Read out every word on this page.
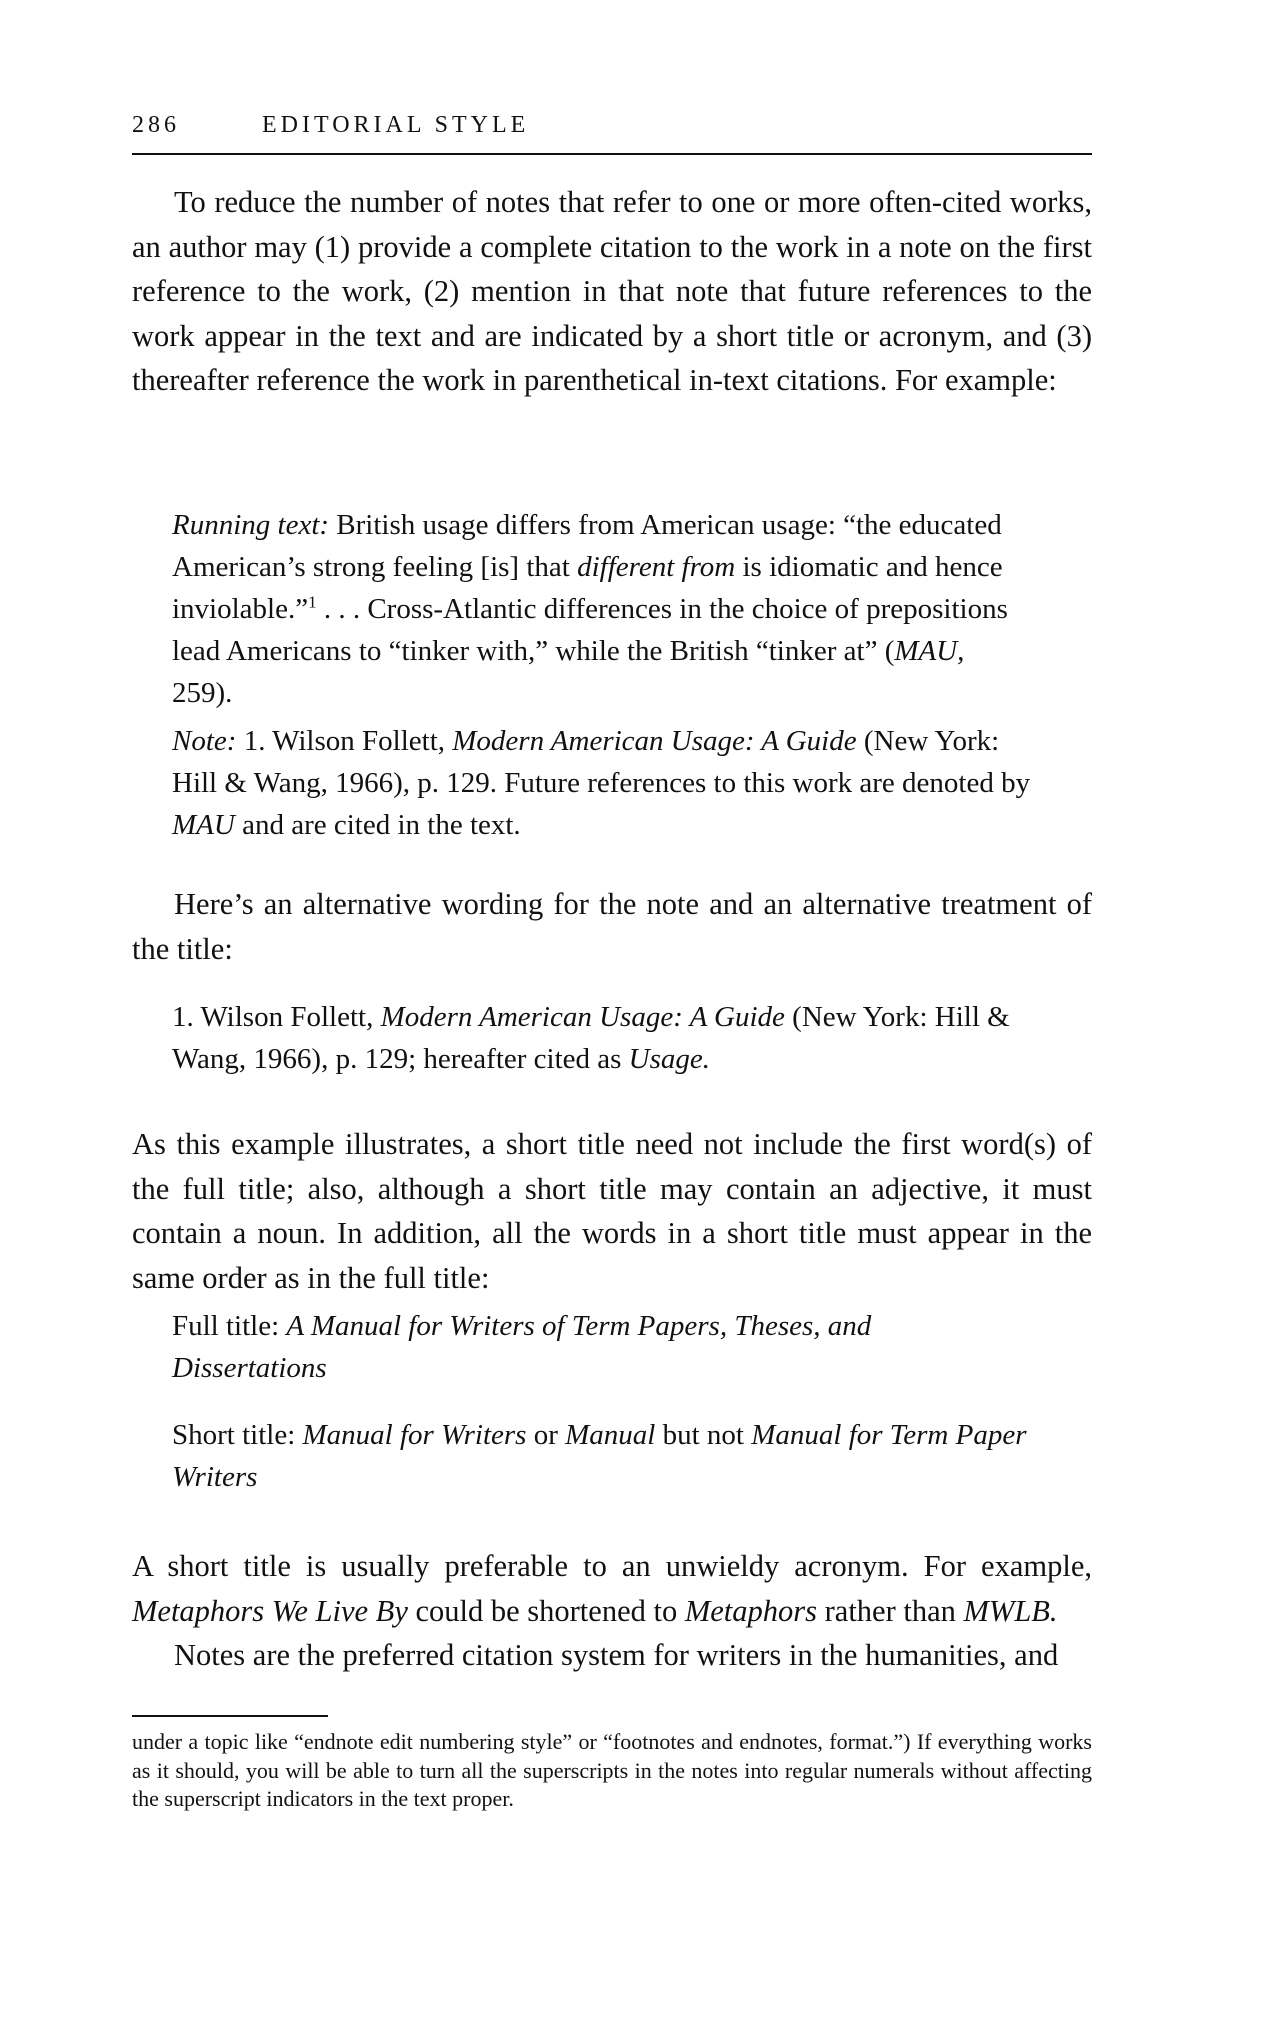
286	EDITORIAL STYLE

To reduce the number of notes that refer to one or more often-cited works, an author may (1) provide a complete citation to the work in a note on the first reference to the work, (2) mention in that note that future references to the work appear in the text and are indicated by a short title or acronym, and (3) thereafter reference the work in parenthetical in-text citations. For example:

Running text: British usage differs from American usage: “the educated American’s strong feeling [is] that different from is idiomatic and hence inviolable.”$^1$ . . . Cross-Atlantic differences in the choice of prepositions lead Americans to “tinker with,” while the British “tinker at” (MAU, 259).

Note: 1. Wilson Follett, Modern American Usage: A Guide (New York: Hill & Wang, 1966), p. 129. Future references to this work are denoted by MAU and are cited in the text.

Here’s an alternative wording for the note and an alternative treatment of the title:

1. Wilson Follett, Modern American Usage: A Guide (New York: Hill & Wang, 1966), p. 129; hereafter cited as Usage.

As this example illustrates, a short title need not include the first word(s) of the full title; also, although a short title may contain an adjective, it must contain a noun. In addition, all the words in a short title must appear in the same order as in the full title:

Full title: A Manual for Writers of Term Papers, Theses, and Dissertations

Short title: Manual for Writers or Manual but not Manual for Term Paper Writers

A short title is usually preferable to an unwieldy acronym. For example, Metaphors We Live By could be shortened to Metaphors rather than MWLB.

Notes are the preferred citation system for writers in the humanities, and

under a topic like “endnote edit numbering style” or “footnotes and endnotes, format.”) If everything works as it should, you will be able to turn all the superscripts in the notes into regular numerals without affecting the superscript indicators in the text proper.
